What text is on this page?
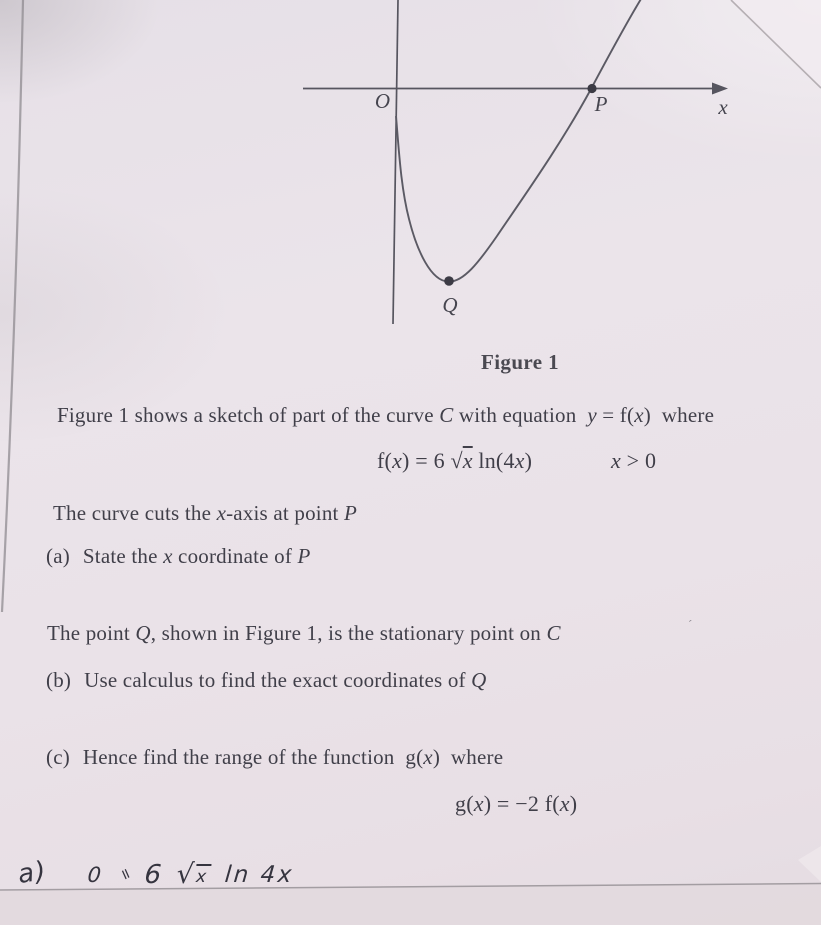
O	P	x
Q
Figure 1
Figure 1 shows a sketch of part of the curve C with equation  y = f(x)  where
f(x) = 6 √x ln(4x)	x > 0
The curve cuts the x-axis at point P
(a) State the x coordinate of P
The point Q, shown in Figure 1, is the stationary point on C	ˊ
(b) Use calculus to find the exact coordinates of Q
(c) Hence find the range of the function  g(x)  where
g(x) = −2 f(x)
a) 0 = 6 √
x ln 4x
